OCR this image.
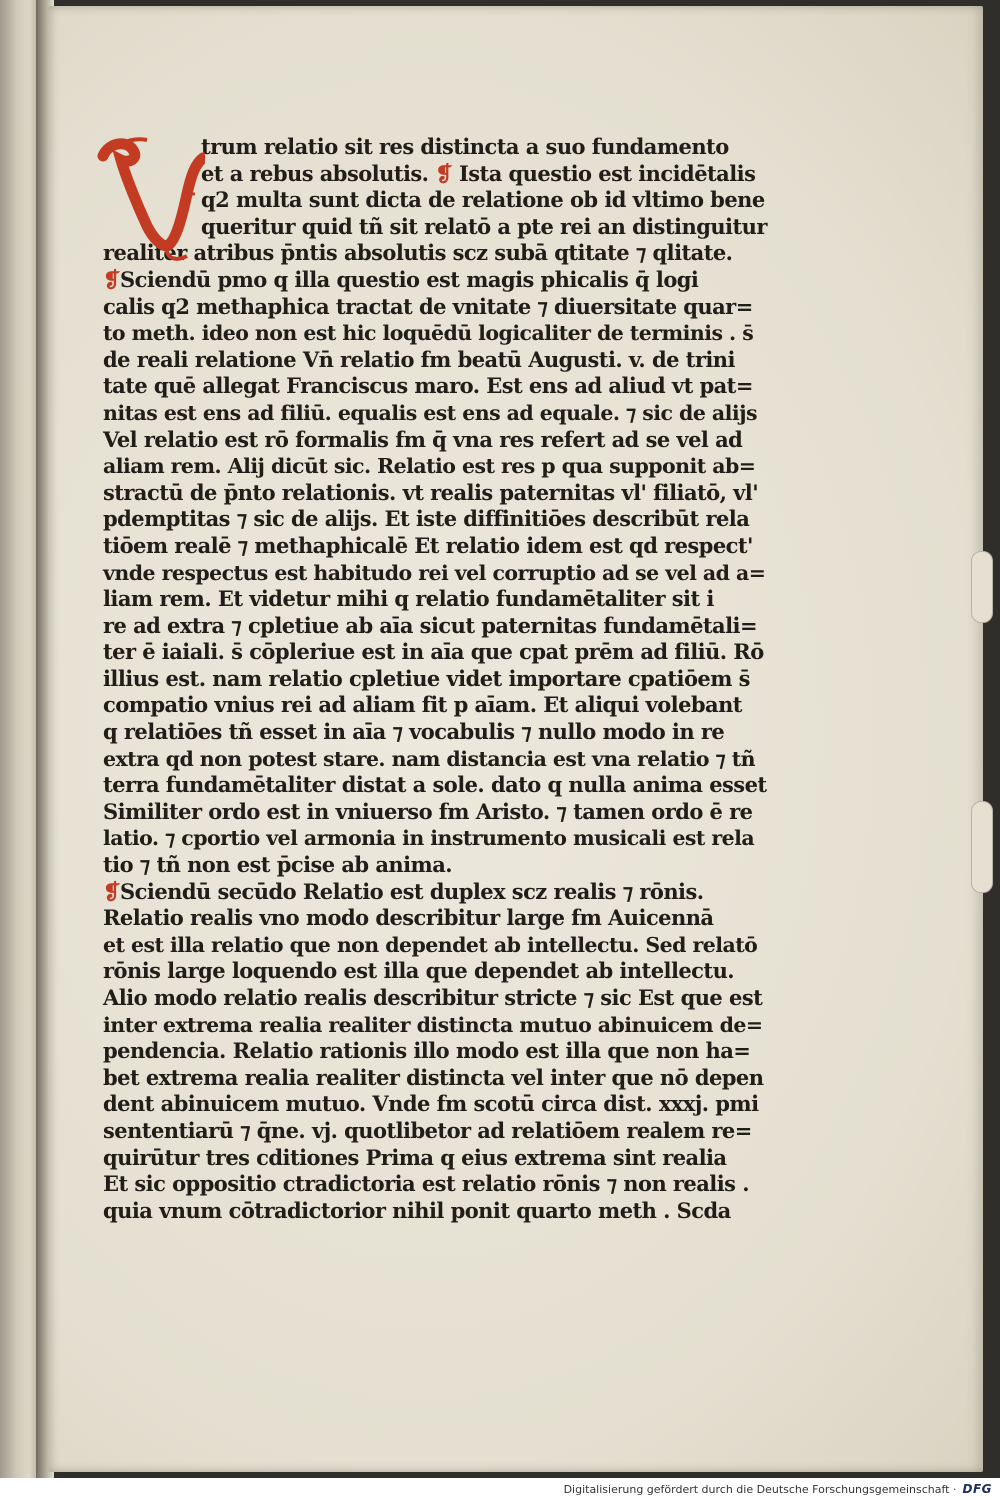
trum relatio sit res distincta a suo fundamento
et a rebus absolutis. ❡ Ista questio est incidētalis
q2 multa sunt dicta de relatione ob id vltimo bene
queritur quid tñ sit relatō a pte rei an distinguitur
realiter atribus p̄ntis absolutis scz subā qtitate ⁊ qlitate.
❡Sciendū pmo q illa questio est magis phicalis q̄ logi
calis q2 methaphica tractat de vnitate ⁊ diuersitate quar=
to meth. ideo non est hic loquēdū logicaliter de terminis . s̄
de reali relatione Vn̄ relatio fm beatū Augusti. v. de trini
tate quē allegat Franciscus maro. Est ens ad aliud vt pat=
nitas est ens ad filiū. equalis est ens ad equale. ⁊ sic de alijs
Vel relatio est rō formalis fm q̄ vna res refert ad se vel ad
aliam rem. Alij dicūt sic. Relatio est res p qua supponit ab=
stractū de p̄nto relationis. vt realis paternitas vl' filiatō, vl'
pdemptitas ⁊ sic de alijs. Et iste diffinitiōes describūt rela
tiōem realē ⁊ methaphicalē Et relatio idem est qd respect'
vnde respectus est habitudo rei vel corruptio ad se vel ad a=
liam rem. Et videtur mihi q relatio fundamētaliter sit i
re ad extra ⁊ cpletiue ab aīa sicut paternitas fundamētali=
ter ē iaiali. s̄ cōpleriue est in aīa que cpat prēm ad filiū. Rō
illius est. nam relatio cpletiue videt importare cpatiōem s̄
compatio vnius rei ad aliam fit p aīam. Et aliqui volebant
q relatiōes tñ esset in aīa ⁊ vocabulis ⁊ nullo modo in re
extra qd non potest stare. nam distancia est vna relatio ⁊ tñ
terra fundamētaliter distat a sole. dato q nulla anima esset
Similiter ordo est in vniuerso fm Aristo. ⁊ tamen ordo ē re
latio. ⁊ cportio vel armonia in instrumento musicali est rela
tio ⁊ tñ non est p̄cise ab anima.
❡Sciendū secūdo Relatio est duplex scz realis ⁊ rōnis.
Relatio realis vno modo describitur large fm Auicennā
et est illa relatio que non dependet ab intellectu. Sed relatō
rōnis large loquendo est illa que dependet ab intellectu.
Alio modo relatio realis describitur stricte ⁊ sic Est que est
inter extrema realia realiter distincta mutuo abinuicem de=
pendencia. Relatio rationis illo modo est illa que non ha=
bet extrema realia realiter distincta vel inter que nō depen
dent abinuicem mutuo. Vnde fm scotū circa dist. xxxj. pmi
sententiarū ⁊ q̄ne. vj. quotlibetor ad relatiōem realem re=
quirūtur tres cditiones Prima q eius extrema sint realia
Et sic oppositio ctradictoria est relatio rōnis ⁊ non realis .
quia vnum cōtradictorior nihil ponit quarto meth . Scda
Digitalisierung gefördert durch die Deutsche Forschungsgemeinschaft · DFG
